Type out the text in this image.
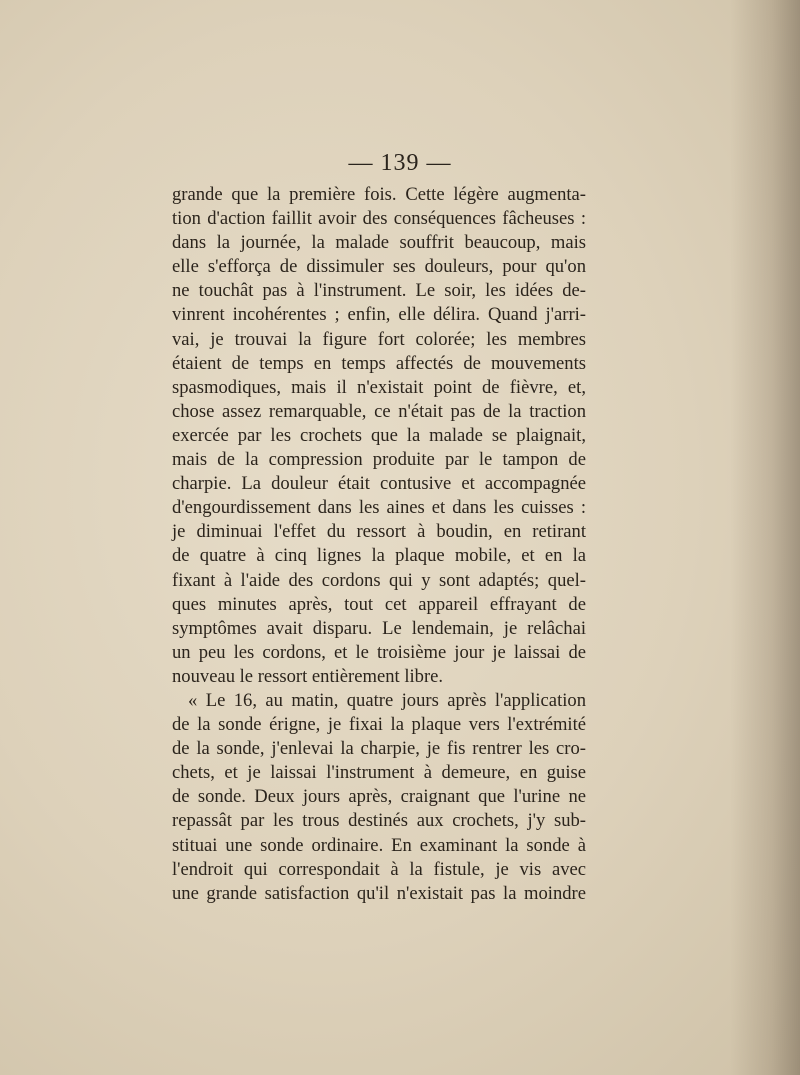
— 139 —
grande que la première fois. Cette légère augmenta-
tion d'action faillit avoir des conséquences fâcheuses :
dans la journée, la malade souffrit beaucoup, mais
elle s'efforça de dissimuler ses douleurs, pour qu'on
ne touchât pas à l'instrument. Le soir, les idées de-
vinrent incohérentes ; enfin, elle délira. Quand j'arri-
vai, je trouvai la figure fort colorée; les membres
étaient de temps en temps affectés de mouvements
spasmodiques, mais il n'existait point de fièvre, et,
chose assez remarquable, ce n'était pas de la traction
exercée par les crochets que la malade se plaignait,
mais de la compression produite par le tampon de
charpie. La douleur était contusive et accompagnée
d'engourdissement dans les aines et dans les cuisses :
je diminuai l'effet du ressort à boudin, en retirant
de quatre à cinq lignes la plaque mobile, et en la
fixant à l'aide des cordons qui y sont adaptés; quel-
ques minutes après, tout cet appareil effrayant de
symptômes avait disparu. Le lendemain, je relâchai
un peu les cordons, et le troisième jour je laissai de
nouveau le ressort entièrement libre.
« Le 16, au matin, quatre jours après l'application
de la sonde érigne, je fixai la plaque vers l'extrémité
de la sonde, j'enlevai la charpie, je fis rentrer les cro-
chets, et je laissai l'instrument à demeure, en guise
de sonde. Deux jours après, craignant que l'urine ne
repassât par les trous destinés aux crochets, j'y sub-
stituai une sonde ordinaire. En examinant la sonde à
l'endroit qui correspondait à la fistule, je vis avec
une grande satisfaction qu'il n'existait pas la moindre
